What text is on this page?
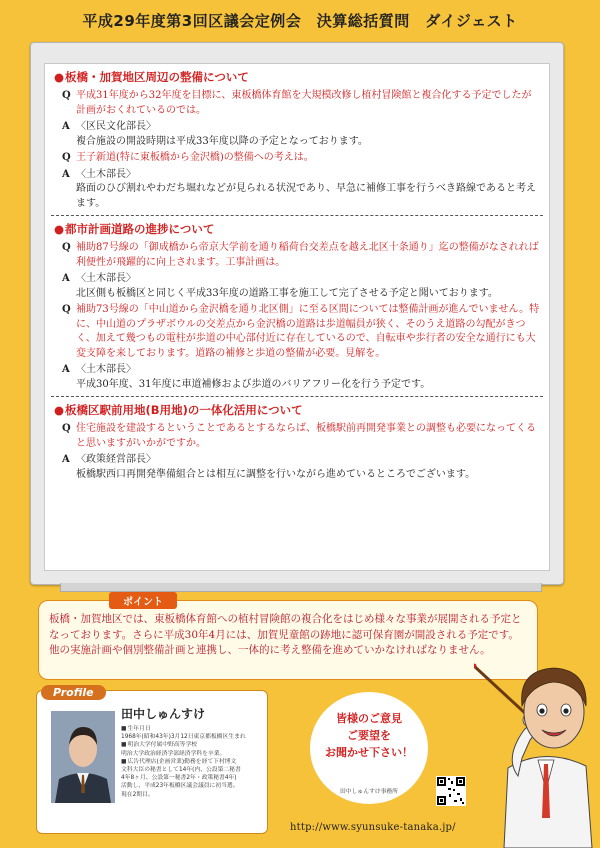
平成29年度第3回区議会定例会　決算総括質問　ダイジェスト
● 板橋・加賀地区周辺の整備について
Q 平成31年度から32年度を目標に、東板橋体育館を大規模改修し植村冒険館と複合化する予定でしたが計画がおくれているのでは。
A 〈区民文化部長〉
複合施設の開設時期は平成33年度以降の予定となっております。
Q 王子新道(特に東板橋から金沢橋)の整備への考えは。
A 〈土木部長〉
路面のひび割れやわだち堀れなどが見られる状況であり、早急に補修工事を行うべき路線であると考えます。
● 都市計画道路の進捗について
Q 補助87号線の「御成橋から帝京大学前を通り稲荷台交差点を越え北区十条通り」迄の整備がなされれば利便性が飛躍的に向上されます。工事計画は。
A 〈土木部長〉
北区側も板橋区と同じく平成33年度の道路工事を施工して完了させる予定と聞いております。
Q 補助73号線の「中山道から金沢橋を通り北区側」に至る区間については整備計画が進んでいません。特に、中山道のプラザボウルの交差点から金沢橋の道路は歩道幅員が狭く、そのうえ道路の勾配がきつく、加えて幾つもの電柱が歩道の中心部付近に存在しているので、自転車や歩行者の安全な通行にも大変支障を来しております。道路の補修と歩道の整備が必要。見解を。
A 〈土木部長〉
平成30年度、31年度に車道補修および歩道のバリアフリー化を行う予定です。
● 板橋区駅前用地(B用地)の一体化活用について
Q 住宅施設を建設するということであるとするならば、板橋駅前再開発事業との調整も必要になってくると思いますがいかがですか。
A 〈政策経営部長〉
板橋駅西口再開発準備組合とは相互に調整を行いながら進めているところでございます。
ポイント
板橋・加賀地区では、東板橋体育館への植村冒険館の複合化をはじめ様々な事業が展開される予定となっております。さらに平成30年4月には、加賀児童館の跡地に認可保育園が開設される予定です。他の実施計画や個別整備計画と連携し、一体的に考え整備を進めていかなければなりません。
Profile
田中しゅんすけ
■ 生年月日
1968年(昭和43年)3月12日東京都板橋区生まれ
■ 明治大学付属中野高等学校
明治大学政治経済学部経済学科を卒業。
■ 広告代理店(企画営業)勤務を経て下村博文
文科大臣の秘書として14年(内、公設第二秘書
4年8ヶ月、公設第一秘書2年・政策秘書4年)
活動し、平成23年板橋区議会議員に初当選。
現在2期目。
皆様のご意見
ご要望を
お聞かせ下さい！
田中しゅんすけ事務所
http://www.syunsuke-tanaka.jp/
